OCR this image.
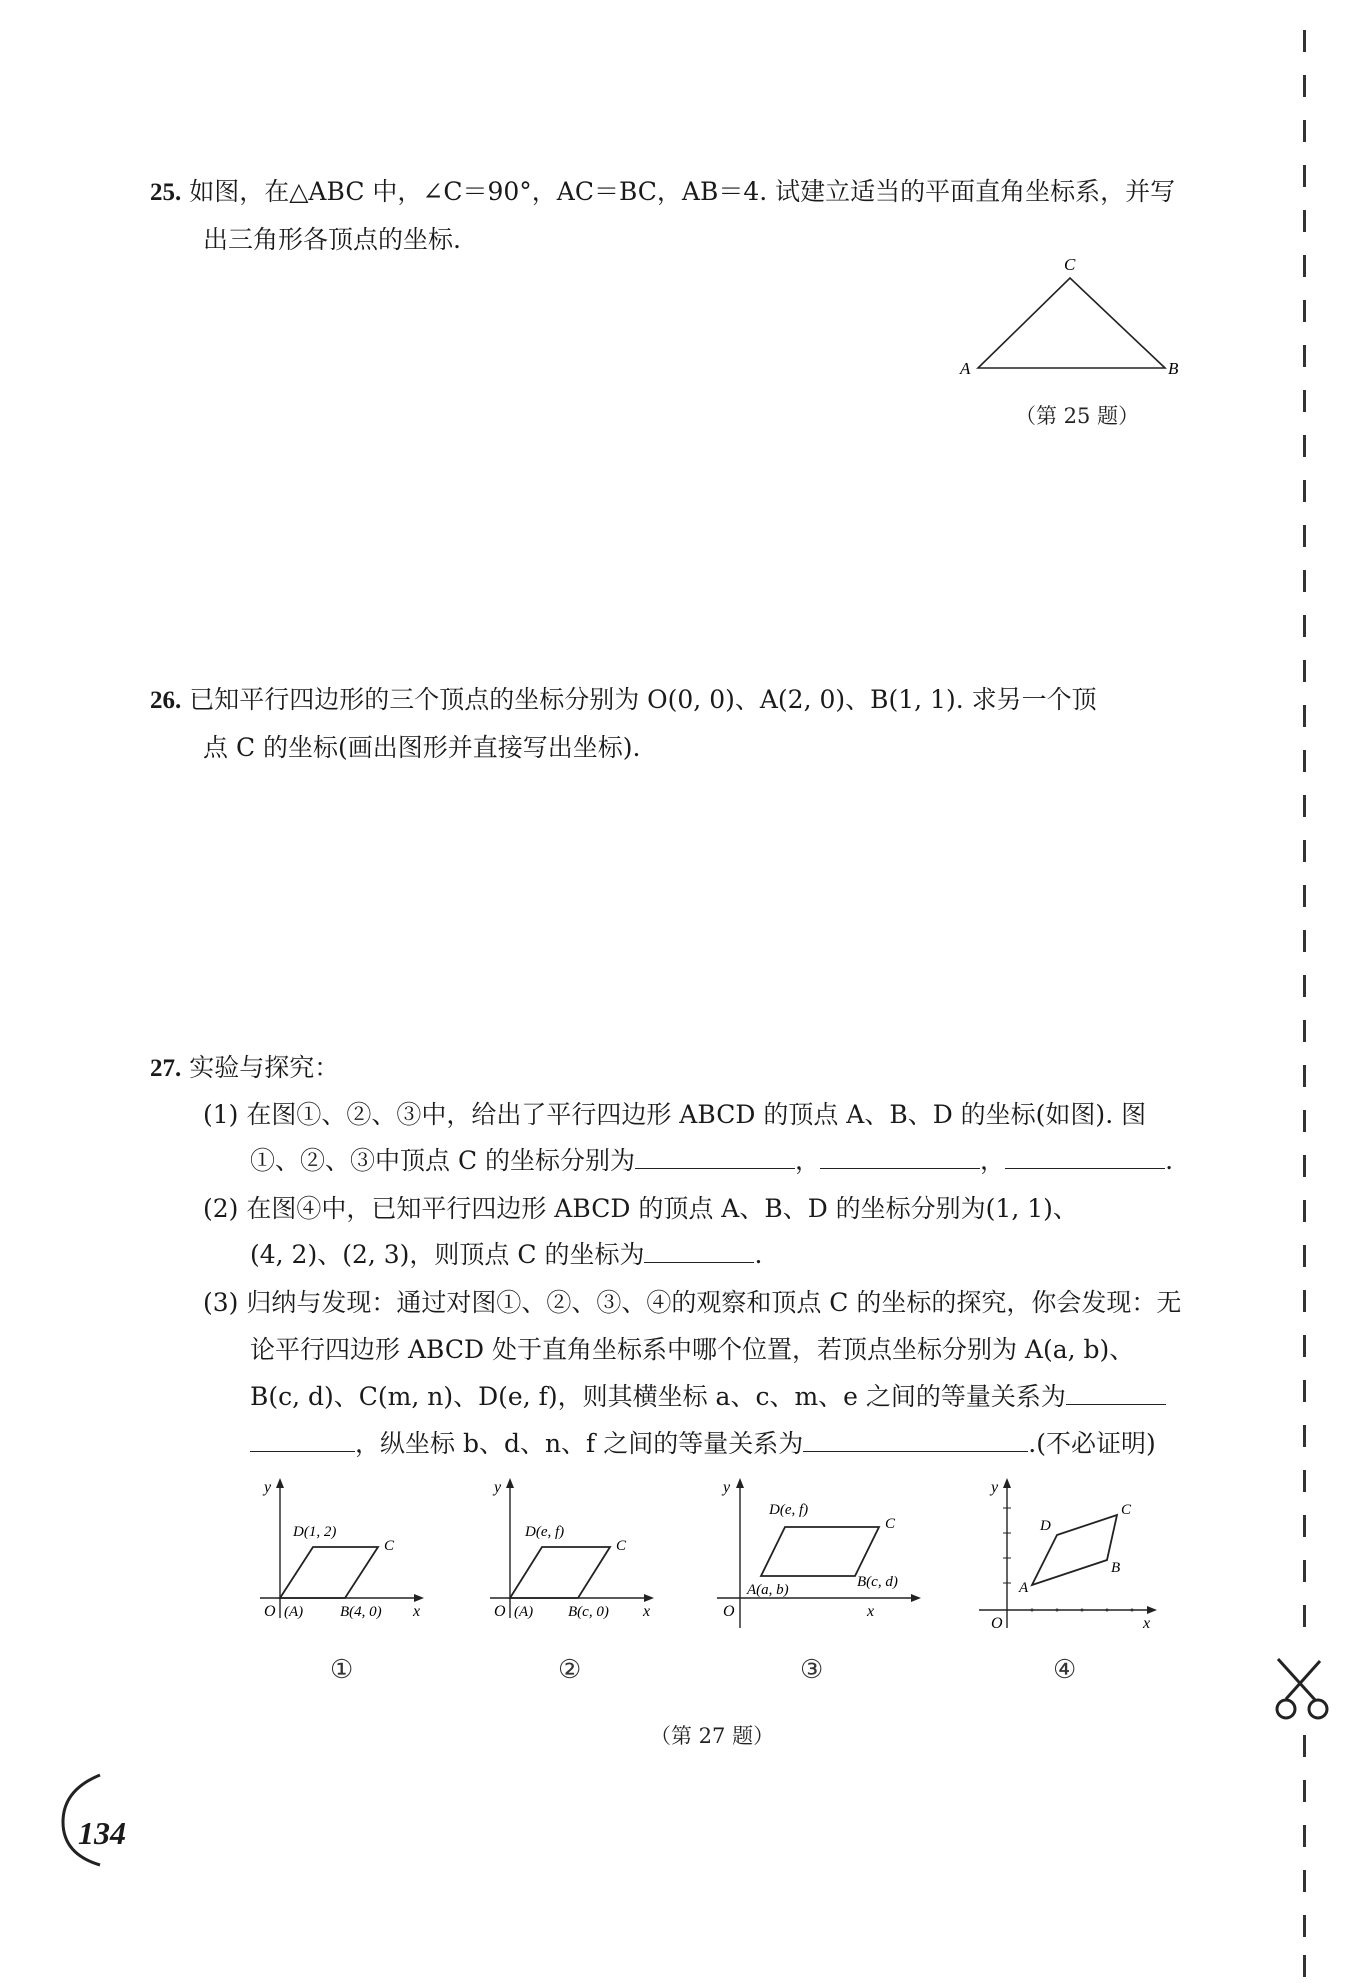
25. 如图，在△ABC 中，∠C＝90°，AC＝BC，AB＝4. 试建立适当的平面直角坐标系，并写
出三角形各顶点的坐标.
C
A	B
（第 25 题）
26. 已知平行四边形的三个顶点的坐标分别为 O(0, 0)、A(2, 0)、B(1, 1). 求另一个顶
点 C 的坐标(画出图形并直接写出坐标).
27. 实验与探究：
(1) 在图①、②、③中，给出了平行四边形 ABCD 的顶点 A、B、D 的坐标(如图). 图
①、②、③中顶点 C 的坐标分别为	，	，	.
(2) 在图④中，已知平行四边形 ABCD 的顶点 A、B、D 的坐标分别为(1, 1)、
(4, 2)、(2, 3)，则顶点 C 的坐标为	.
(3) 归纳与发现：通过对图①、②、③、④的观察和顶点 C 的坐标的探究，你会发现：无
论平行四边形 ABCD 处于直角坐标系中哪个位置，若顶点坐标分别为 A(a, b)、
B(c, d)、C(m, n)、D(e, f)，则其横坐标 a、c、m、e 之间的等量关系为
，纵坐标 b、d、n、f 之间的等量关系为	.(不必证明)
y
x
O (A) B(4, 0)
D(1, 2)
C
①
y
x
O (A) B(c, 0)
D(e, f)
C
②
y
x
O
A(a, b)	B(c, d)
D(e, f)
C
③
y
x
O
A
B
D
C
④
（第 27 题）
134
